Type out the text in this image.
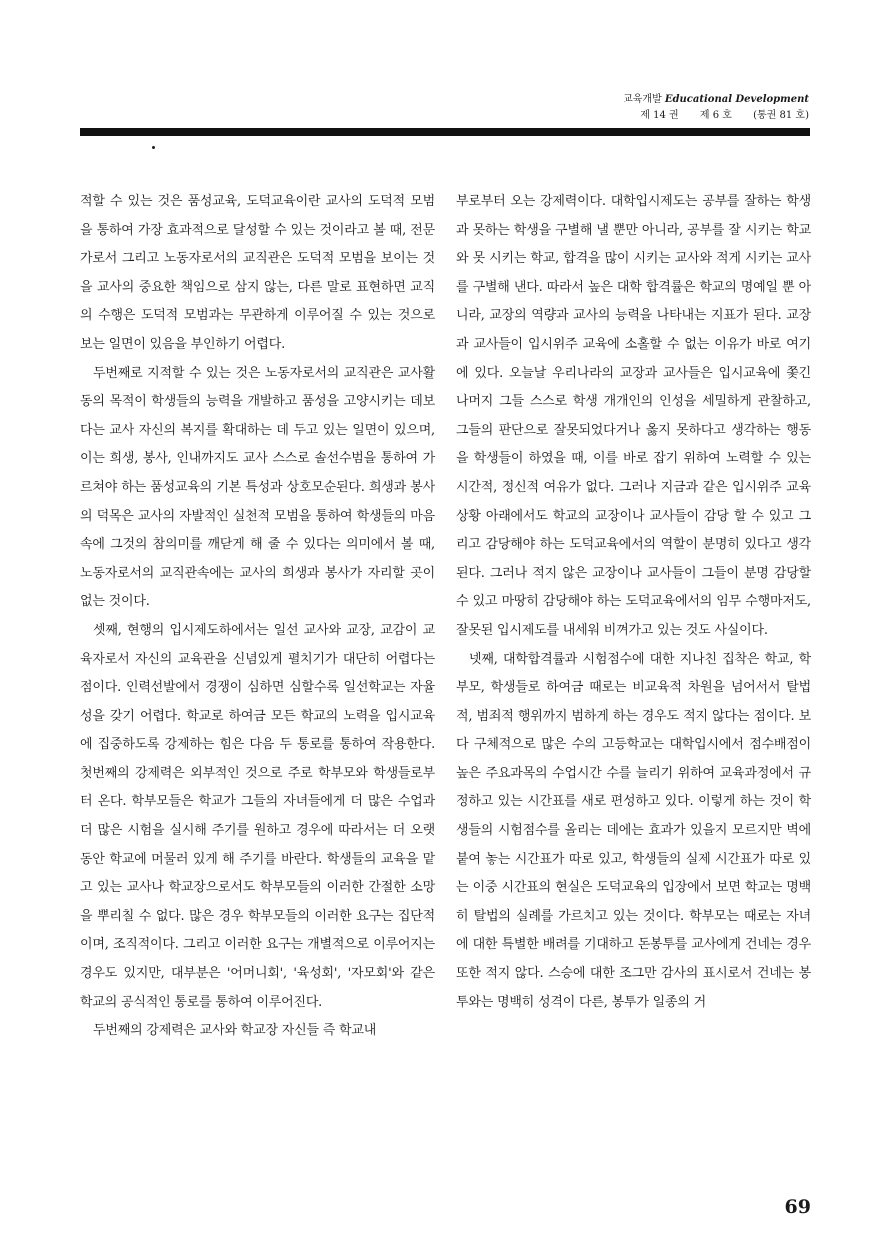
교육개발 Educational Development
제 14 권 제 6 호 (통권 81 호)

적할 수 있는 것은 품성교육, 도덕교육이란 교사의 도덕적 모범을 통하여 가장 효과적으로 달성할 수 있는 것이라고 볼 때, 전문가로서 그리고 노동자로서의 교직관은 도덕적 모범을 보이는 것을 교사의 중요한 책임으로 삼지 않는, 다른 말로 표현하면 교직의 수행은 도덕적 모범과는 무관하게 이루어질 수 있는 것으로 보는 일면이 있음을 부인하기 어렵다.

두번째로 지적할 수 있는 것은 노동자로서의 교직관은 교사활동의 목적이 학생들의 능력을 개발하고 품성을 고양시키는 데보다는 교사 자신의 복지를 확대하는 데 두고 있는 일면이 있으며, 이는 희생, 봉사, 인내까지도 교사 스스로 솔선수범을 통하여 가르쳐야 하는 품성교육의 기본 특성과 상호모순된다. 희생과 봉사의 덕목은 교사의 자발적인 실천적 모범을 통하여 학생들의 마음속에 그것의 참의미를 깨닫게 해 줄 수 있다는 의미에서 볼 때, 노동자로서의 교직관속에는 교사의 희생과 봉사가 자리할 곳이 없는 것이다.

셋째, 현행의 입시제도하에서는 일선 교사와 교장, 교감이 교육자로서 자신의 교육관을 신념있게 펼치기가 대단히 어렵다는 점이다. 인력선발에서 경쟁이 심하면 심할수록 일선학교는 자율성을 갖기 어렵다. 학교로 하여금 모든 학교의 노력을 입시교육에 집중하도록 강제하는 힘은 다음 두 통로를 통하여 작용한다. 첫번째의 강제력은 외부적인 것으로 주로 학부모와 학생들로부터 온다. 학부모들은 학교가 그들의 자녀들에게 더 많은 수업과 더 많은 시험을 실시해 주기를 원하고 경우에 따라서는 더 오랫동안 학교에 머물러 있게 해 주기를 바란다. 학생들의 교육을 맡고 있는 교사나 학교장으로서도 학부모들의 이러한 간절한 소망을 뿌리칠 수 없다. 많은 경우 학부모들의 이러한 요구는 집단적이며, 조직적이다. 그리고 이러한 요구는 개별적으로 이루어지는 경우도 있지만, 대부분은 '어머니회', '육성회', '자모회'와 같은 학교의 공식적인 통로를 통하여 이루어진다.

두번째의 강제력은 교사와 학교장 자신들 즉 학교내

부로부터 오는 강제력이다. 대학입시제도는 공부를 잘하는 학생과 못하는 학생을 구별해 낼 뿐만 아니라, 공부를 잘 시키는 학교와 못 시키는 학교, 합격을 많이 시키는 교사와 적게 시키는 교사를 구별해 낸다. 따라서 높은 대학 합격률은 학교의 명예일 뿐 아니라, 교장의 역량과 교사의 능력을 나타내는 지표가 된다. 교장과 교사들이 입시위주 교육에 소홀할 수 없는 이유가 바로 여기에 있다. 오늘날 우리나라의 교장과 교사들은 입시교육에 쫓긴 나머지 그들 스스로 학생 개개인의 인성을 세밀하게 관찰하고, 그들의 판단으로 잘못되었다거나 옳지 못하다고 생각하는 행동을 학생들이 하였을 때, 이를 바로 잡기 위하여 노력할 수 있는 시간적, 정신적 여유가 없다. 그러나 지금과 같은 입시위주 교육상황 아래에서도 학교의 교장이나 교사들이 감당 할 수 있고 그리고 감당해야 하는 도덕교육에서의 역할이 분명히 있다고 생각된다. 그러나 적지 않은 교장이나 교사들이 그들이 분명 감당할 수 있고 마땅히 감당해야 하는 도덕교육에서의 임무 수행마저도, 잘못된 입시제도를 내세워 비껴가고 있는 것도 사실이다.

넷째, 대학합격률과 시험점수에 대한 지나친 집착은 학교, 학부모, 학생들로 하여금 때로는 비교육적 차원을 넘어서서 탈법적, 범죄적 행위까지 범하게 하는 경우도 적지 않다는 점이다. 보다 구체적으로 많은 수의 고등학교는 대학입시에서 점수배점이 높은 주요과목의 수업시간 수를 늘리기 위하여 교육과정에서 규정하고 있는 시간표를 새로 편성하고 있다. 이렇게 하는 것이 학생들의 시험점수를 올리는 데에는 효과가 있을지 모르지만 벽에 붙여 놓는 시간표가 따로 있고, 학생들의 실제 시간표가 따로 있는 이중 시간표의 현실은 도덕교육의 입장에서 보면 학교는 명백히 탈법의 실례를 가르치고 있는 것이다. 학부모는 때로는 자녀에 대한 특별한 배려를 기대하고 돈봉투를 교사에게 건네는 경우 또한 적지 않다. 스승에 대한 조그만 감사의 표시로서 건네는 봉투와는 명백히 성격이 다른, 봉투가 일종의 거

69
